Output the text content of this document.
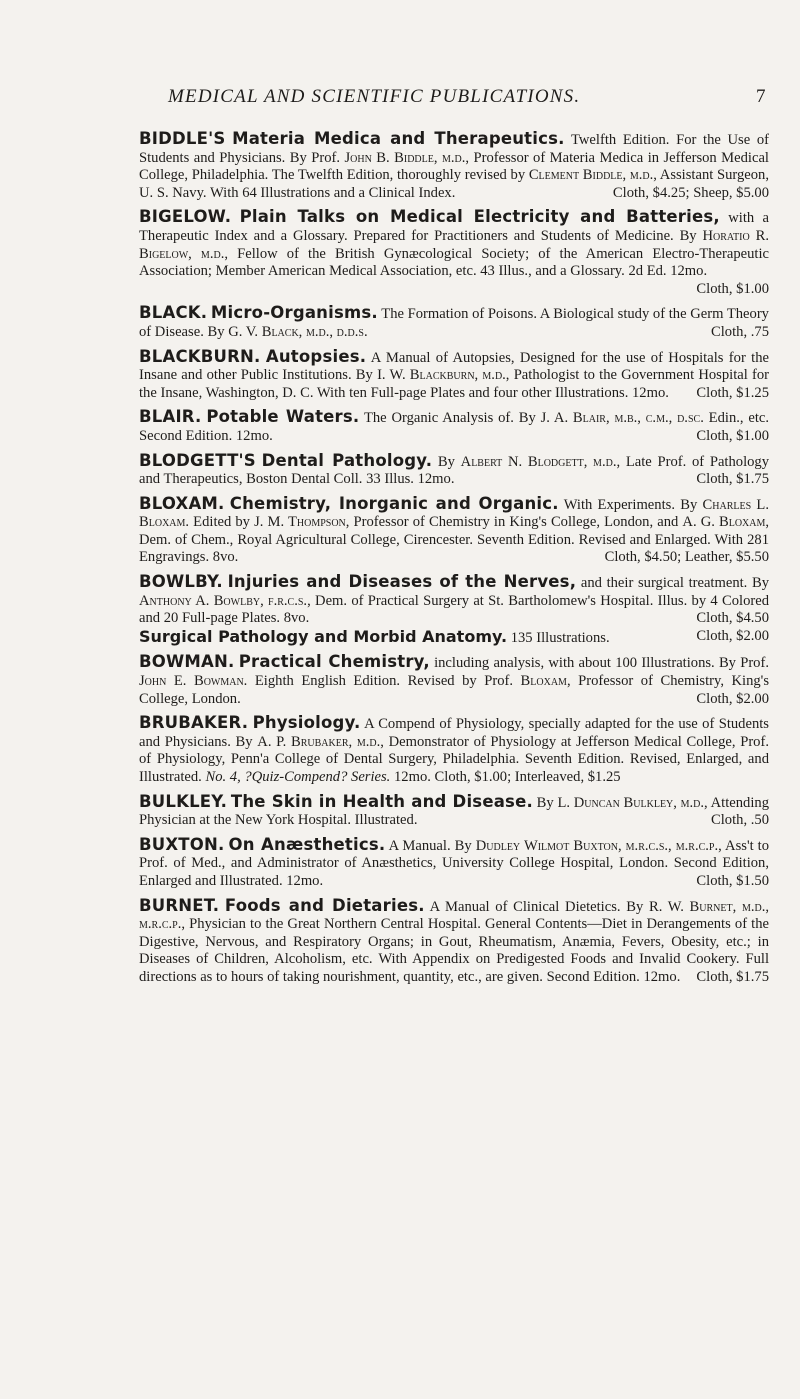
MEDICAL AND SCIENTIFIC PUBLICATIONS.	7
BIDDLE'S Materia Medica and Therapeutics. Twelfth Edition. For the Use of Students and Physicians. By Prof. John B. Biddle, m.d., Professor of Materia Medica in Jefferson Medical College, Philadelphia. The Twelfth Edition, thoroughly revised by Clement Biddle, m.d., Assistant Surgeon, U. S. Navy. With 64 Illustrations and a Clinical Index.	Cloth, $4.25; Sheep, $5.00
BIGELOW. Plain Talks on Medical Electricity and Batteries, with a Therapeutic Index and a Glossary. Prepared for Practitioners and Students of Medicine. By Horatio R. Bigelow, m.d., Fellow of the British Gynæcological Society; of the American Electro-Therapeutic Association; Member American Medical Association, etc. 43 Illus., and a Glossary. 2d Ed. 12mo.
Cloth, $1.00
BLACK. Micro-Organisms. The Formation of Poisons. A Biological study of the Germ Theory of Disease. By G. V. Black, m.d., d.d.s.	Cloth, .75
BLACKBURN. Autopsies. A Manual of Autopsies, Designed for the use of Hospitals for the Insane and other Public Institutions. By I. W. Blackburn, m.d., Pathologist to the Government Hospital for the Insane, Washington, D. C. With ten Full-page Plates and four other Illustrations. 12mo. Cloth, $1.25
BLAIR. Potable Waters. The Organic Analysis of. By J. A. Blair, m.b., c.m., d.sc. Edin., etc. Second Edition. 12mo.	Cloth, $1.00
BLODGETT'S Dental Pathology. By Albert N. Blodgett, m.d., Late Prof. of Pathology and Therapeutics, Boston Dental Coll. 33 Illus. 12mo.	Cloth, $1.75
BLOXAM. Chemistry, Inorganic and Organic. With Experiments. By Charles L. Bloxam. Edited by J. M. Thompson, Professor of Chemistry in King's College, London, and A. G. Bloxam, Dem. of Chem., Royal Agricultural College, Cirencester. Seventh Edition. Revised and Enlarged. With 281 Engravings. 8vo.	Cloth, $4.50; Leather, $5.50
BOWLBY. Injuries and Diseases of the Nerves, and their surgical treatment. By Anthony A. Bowlby, f.r.c.s., Dem. of Practical Surgery at St. Bartholomew's Hospital. Illus. by 4 Colored and 20 Full-page Plates. 8vo.	Cloth, $4.50
Surgical Pathology and Morbid Anatomy. 135 Illustrations.	Cloth, $2.00
BOWMAN. Practical Chemistry, including analysis, with about 100 Illustrations. By Prof. John E. Bowman. Eighth English Edition. Revised by Prof. Bloxam, Professor of Chemistry, King's College, London.	Cloth, $2.00
BRUBAKER. Physiology. A Compend of Physiology, specially adapted for the use of Students and Physicians. By A. P. Brubaker, m.d., Demonstrator of Physiology at Jefferson Medical College, Prof. of Physiology, Penn'a College of Dental Surgery, Philadelphia. Seventh Edition. Revised, Enlarged, and Illustrated. No. 4, ?Quiz-Compend? Series. 12mo. Cloth, $1.00; Interleaved, $1.25
BULKLEY. The Skin in Health and Disease. By L. Duncan Bulkley, m.d., Attending Physician at the New York Hospital. Illustrated.	Cloth, .50
BUXTON. On Anæsthetics. A Manual. By Dudley Wilmot Buxton, m.r.c.s., m.r.c.p., Ass't to Prof. of Med., and Administrator of Anæsthetics, University College Hospital, London. Second Edition, Enlarged and Illustrated. 12mo.	Cloth, $1.50
BURNET. Foods and Dietaries. A Manual of Clinical Dietetics. By R. W. Burnet, m.d., m.r.c.p., Physician to the Great Northern Central Hospital. General Contents—Diet in Derangements of the Digestive, Nervous, and Respiratory Organs; in Gout, Rheumatism, Anæmia, Fevers, Obesity, etc.; in Diseases of Children, Alcoholism, etc. With Appendix on Predigested Foods and Invalid Cookery. Full directions as to hours of taking nourishment, quantity, etc., are given. Second Edition. 12mo. Cloth, $1.75
